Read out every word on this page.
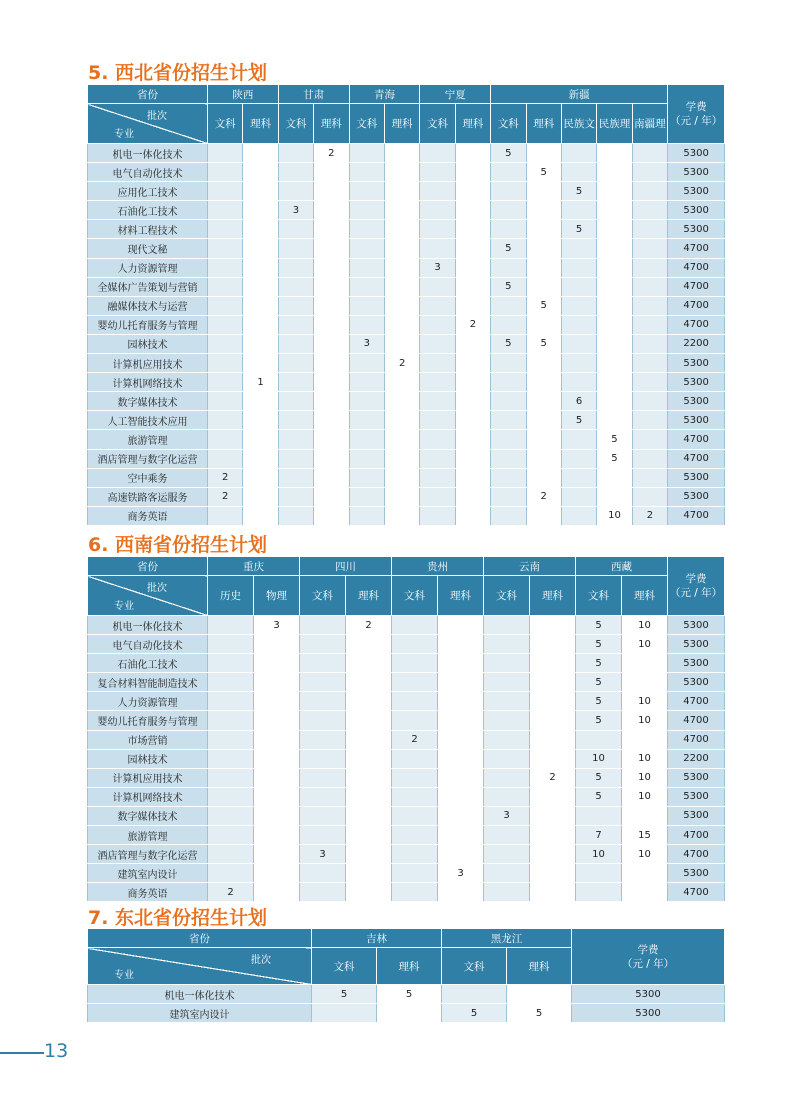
5. 西北省份招生计划
省份	陕西		甘肃		青海		宁夏		新疆					学费
（元 / 年）

批次
专业	文科	理科	文科	理科	文科	理科	文科	理科	文科	理科	民族文	民族理	南疆理	
机电一体化技术				2					5					5300
电气自动化技术										5				5300
应用化工技术											5			5300
石油化工技术			3											5300
材料工程技术											5			5300
现代文秘									5					4700
人力资源管理							3							4700
全媒体广告策划与营销									5					4700
融媒体技术与运营										5				4700
婴幼儿托育服务与管理								2						4700
园林技术					3				5	5				2200
计算机应用技术						2								5300
计算机网络技术		1												5300
数字媒体技术											6			5300
人工智能技术应用											5			5300
旅游管理												5		4700
酒店管理与数字化运营												5		4700
空中乘务	2													5300
高速铁路客运服务	2									2				5300
商务英语												10	2	4700
6. 西南省份招生计划
省份	重庆		四川		贵州		云南		西藏		学费
（元 / 年）

批次
专业	历史	物理	文科	理科	文科	理科	文科	理科	文科	理科	
机电一体化技术		3		2					5	10	5300
电气自动化技术									5	10	5300
石油化工技术									5		5300
复合材料智能制造技术									5		5300
人力资源管理									5	10	4700
婴幼儿托育服务与管理									5	10	4700
市场营销					2						4700
园林技术									10	10	2200
计算机应用技术								2	5	10	5300
计算机网络技术									5	10	5300
数字媒体技术							3				5300
旅游管理									7	15	4700
酒店管理与数字化运营			3						10	10	4700
建筑室内设计						3					5300
商务英语	2										4700
7. 东北省份招生计划
省份	吉林		黑龙江		学费
（元 / 年）

批次
专业	文科	理科	文科	理科	
机电一体化技术	5	5			5300
建筑室内设计			5	5	5300
13
